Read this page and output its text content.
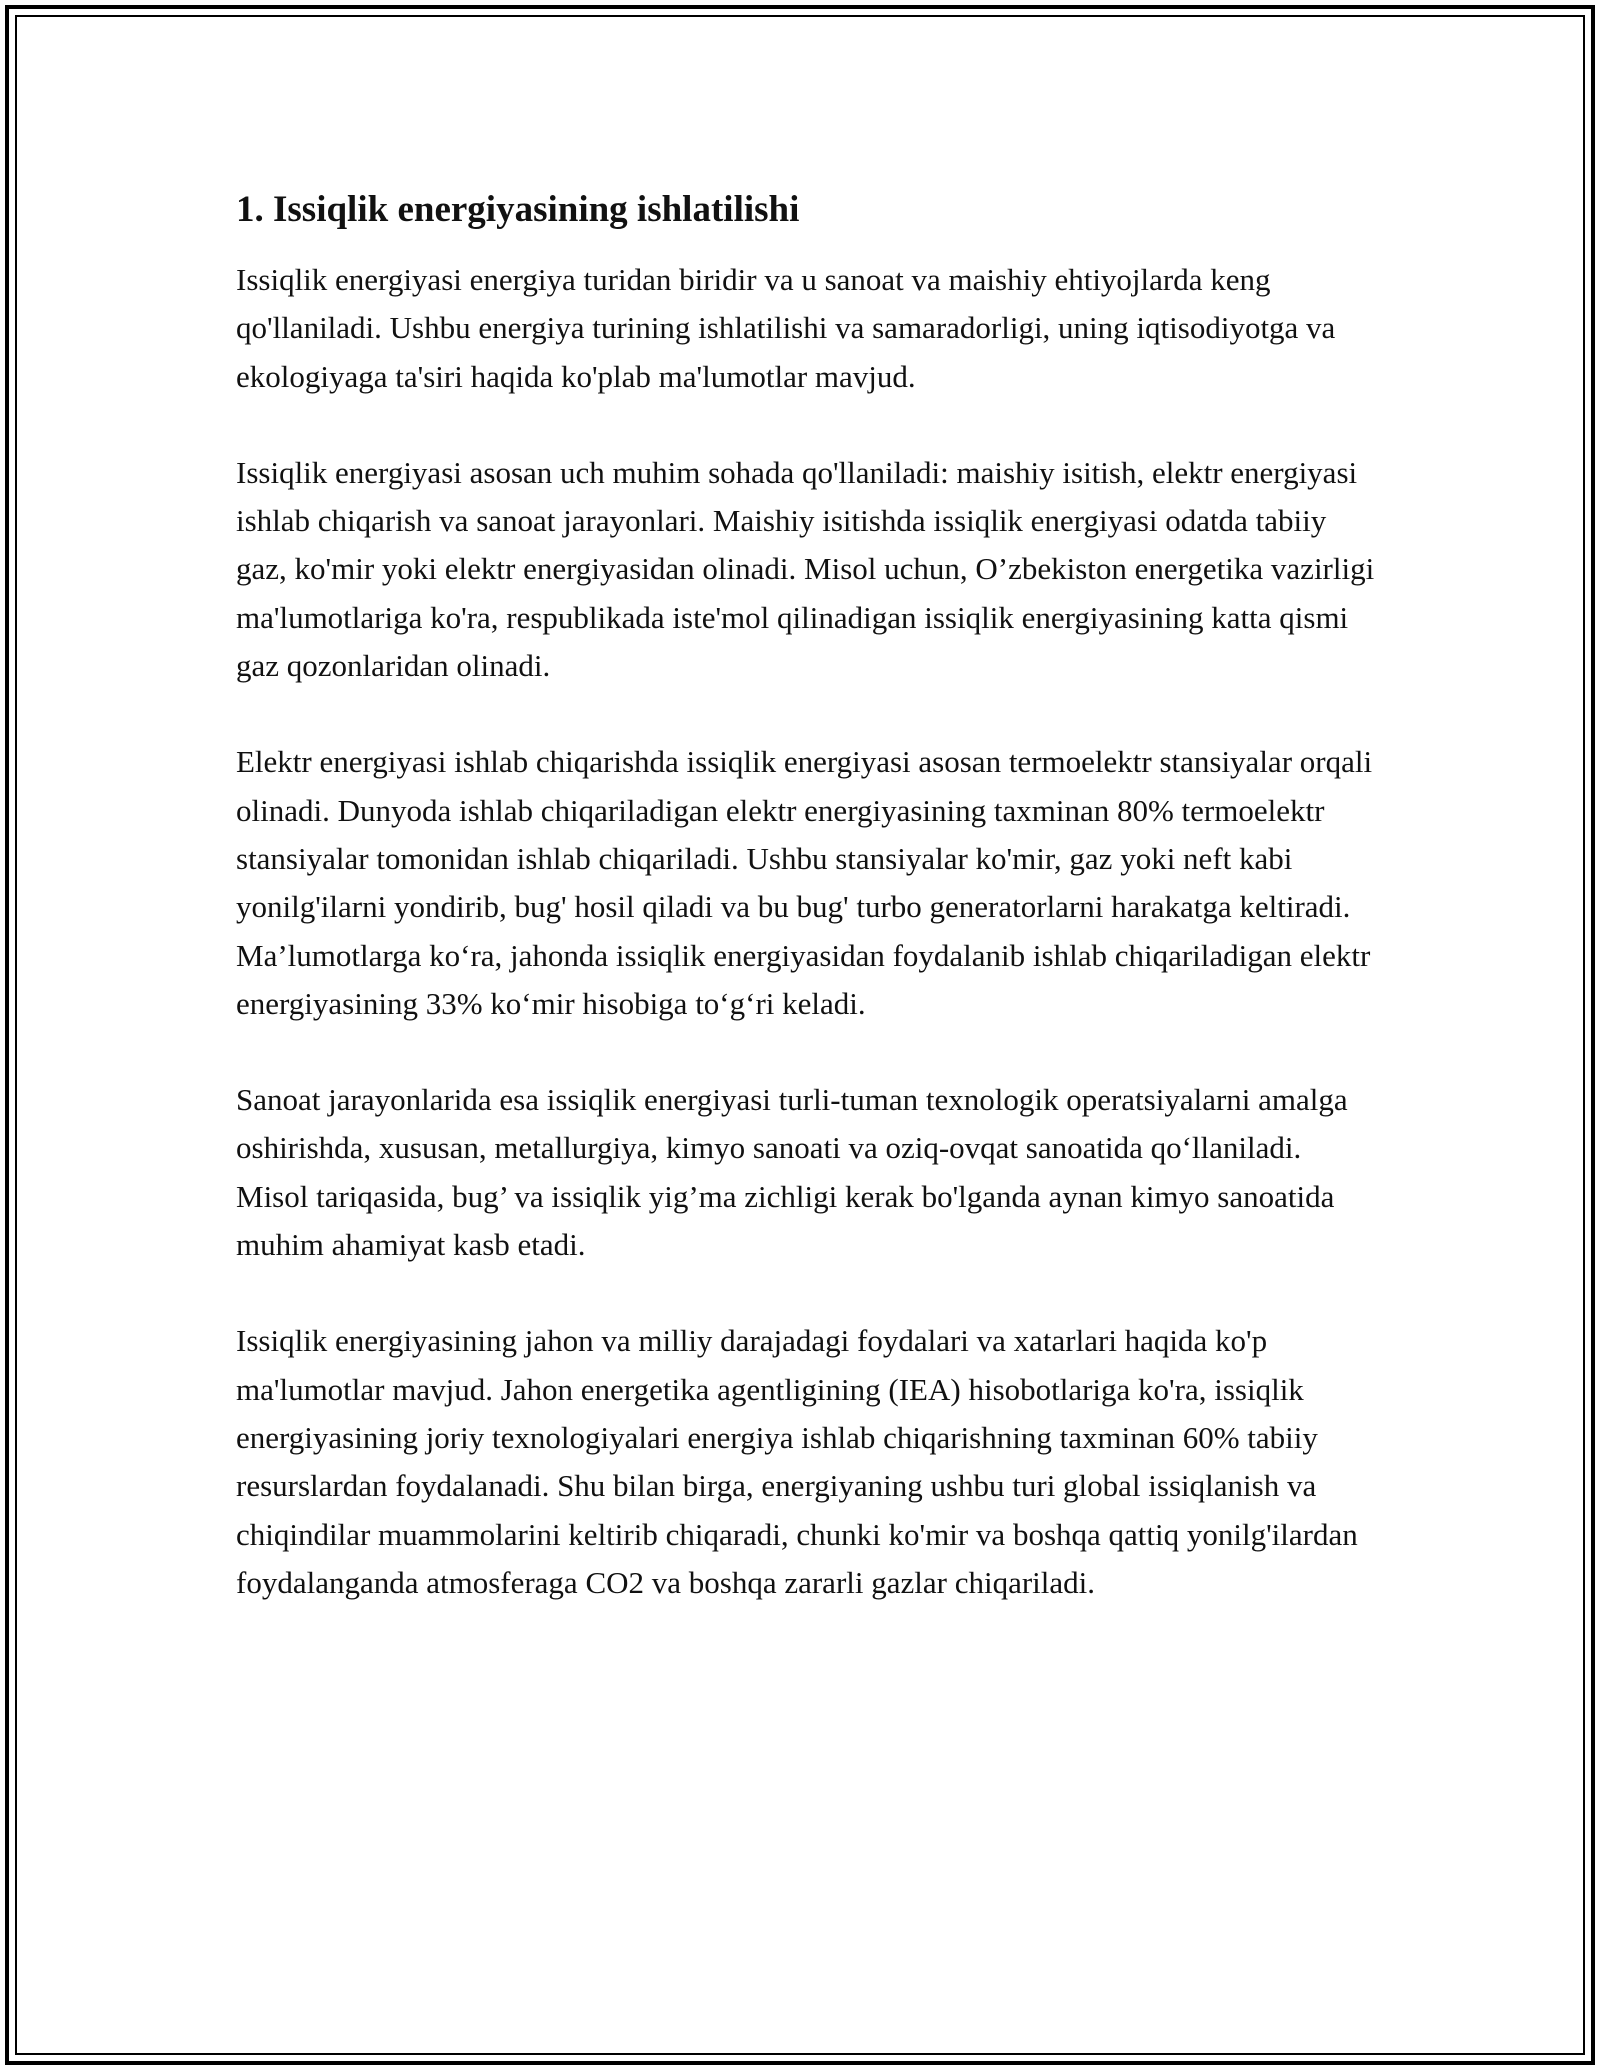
1. Issiqlik energiyasining ishlatilishi

Issiqlik energiyasi energiya turidan biridir va u sanoat va maishiy ehtiyojlarda keng qo'llaniladi. Ushbu energiya turining ishlatilishi va samaradorligi, uning iqtisodiyotga va ekologiyaga ta'siri haqida ko'plab ma'lumotlar mavjud.

Issiqlik energiyasi asosan uch muhim sohada qo'llaniladi: maishiy isitish, elektr energiyasi ishlab chiqarish va sanoat jarayonlari. Maishiy isitishda issiqlik energiyasi odatda tabiiy gaz, ko'mir yoki elektr energiyasidan olinadi. Misol uchun, O’zbekiston energetika vazirligi ma'lumotlariga ko'ra, respublikada iste'mol qilinadigan issiqlik energiyasining katta qismi gaz qozonlaridan olinadi.

Elektr energiyasi ishlab chiqarishda issiqlik energiyasi asosan termoelektr stansiyalar orqali olinadi. Dunyoda ishlab chiqariladigan elektr energiyasining taxminan 80% termoelektr stansiyalar tomonidan ishlab chiqariladi. Ushbu stansiyalar ko'mir, gaz yoki neft kabi yonilg'ilarni yondirib, bug' hosil qiladi va bu bug' turbo generatorlarni harakatga keltiradi. Ma’lumotlarga ko‘ra, jahonda issiqlik energiyasidan foydalanib ishlab chiqariladigan elektr energiyasining 33% ko‘mir hisobiga to‘g‘ri keladi.

Sanoat jarayonlarida esa issiqlik energiyasi turli-tuman texnologik operatsiyalarni amalga oshirishda, xususan, metallurgiya, kimyo sanoati va oziq-ovqat sanoatida qo‘llaniladi. Misol tariqasida, bug’ va issiqlik yig’ma zichligi kerak bo'lganda aynan kimyo sanoatida muhim ahamiyat kasb etadi.

Issiqlik energiyasining jahon va milliy darajadagi foydalari va xatarlari haqida ko'p ma'lumotlar mavjud. Jahon energetika agentligining (IEA) hisobotlariga ko'ra, issiqlik energiyasining joriy texnologiyalari energiya ishlab chiqarishning taxminan 60% tabiiy resurslardan foydalanadi. Shu bilan birga, energiyaning ushbu turi global issiqlanish va chiqindilar muammolarini keltirib chiqaradi, chunki ko'mir va boshqa qattiq yonilg'ilardan foydalanganda atmosferaga CO2 va boshqa zararli gazlar chiqariladi.
